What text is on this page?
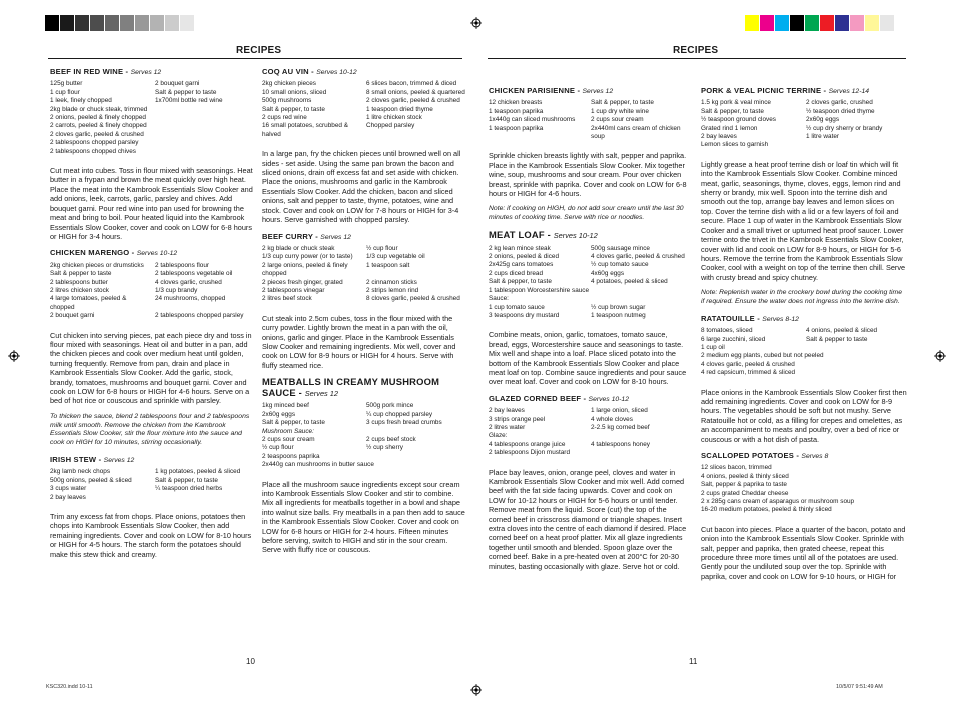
RECIPES	RECIPES
BEEF IN RED WINE - Serves 12
125g butter	2 bouquet garni
1 cup flour	Salt & pepper to taste
1 leek, finely chopped	1x700ml bottle red wine
2kg blade or chuck steak, trimmed
2 onions, peeled & finely chopped
2 carrots, peeled & finely chopped
2 cloves garlic, peeled & crushed
2 tablespoons chopped parsley
2 tablespoons chopped chives

Cut meat into cubes. Toss in flour mixed with seasonings. Heat butter in a frypan and brown the meat quickly over high heat. Place the meat into the Kambrook Essentials Slow Cooker and add onions, leek, carrots, garlic, parsley and chives. Add bouquet garni. Pour red wine into pan used for browning the meat and bring to boil. Pour heated liquid into the Kambrook Essentials Slow Cooker, cover and cook on LOW for 6-8 hours or HIGH for 3-4 hours.

CHICKEN MARENGO - Serves 10-12
2kg chicken pieces or drumsticks	2 tablespoons flour
Salt & pepper to taste	2 tablespoons vegetable oil
2 tablespoons butter	4 cloves garlic, crushed
2 litres chicken stock	1/3 cup brandy
4 large tomatoes, peeled & chopped
24 mushrooms, chopped
2 bouquet garni	2 tablespoons chopped parsley

Cut chicken into serving pieces, pat each piece dry and toss in flour mixed with seasonings. Heat oil and butter in a pan, add the chicken pieces and cook over medium heat until golden, turning frequently. Remove from pan, drain and place in Kambrook Essentials Slow Cooker. Add the garlic, stock, brandy, tomatoes, mushrooms and bouquet garni. Cover and cook on LOW for 6-8 hours or HIGH for 4-6 hours. Serve on a bed of hot rice or couscous and sprinkle with parsley.

To thicken the sauce, blend 2 tablespoons flour and 2 tablespoons milk until smooth. Remove the chicken from the Kambrook Essentials Slow Cooker, stir the flour mixture into the sauce and cook on HIGH for 10 minutes, stirring occasionally.

IRISH STEW - Serves 12
2kg lamb neck chops	1 kg potatoes, peeled & sliced
500g onions, peeled & sliced	Salt & pepper, to taste
3 cups water	¼ teaspoon dried herbs
2 bay leaves

Trim any excess fat from chops. Place onions, potatoes then chops into Kambrook Essentials Slow Cooker, then add remaining ingredients. Cover and cook on LOW for 8-10 hours or HIGH for 4-5 hours. The starch form the potatoes should make this stew thick and creamy.

COQ AU VIN - Serves 10-12
2kg chicken pieces	6 slices bacon, trimmed & diced
10 small onions, sliced	8 small onions, peeled & quartered
500g mushrooms	2 cloves garlic, peeled & crushed
Salt & pepper, to taste	1 teaspoon dried thyme
2 cups red wine	1 litre chicken stock
16 small potatoes, scrubbed & halved
Chopped parsley

In a large pan, fry the chicken pieces until browned well on all sides - set aside. Using the same pan brown the bacon and sliced onions, drain off excess fat and set aside with chicken. Place the onions, mushrooms and garlic in the Kambrook Essentials Slow Cooker. Add the chicken, bacon and sliced onions, salt and pepper to taste, thyme, potatoes, wine and stock. Cover and cook on LOW for 7-8 hours or HIGH for 3-4 hours. Serve garnished with chopped parsley.

BEEF CURRY - Serves 12
2 kg blade or chuck steak	½ cup flour
1/3 cup curry power (or to taste)	1/3 cup vegetable oil
2 large onions, peeled & finely chopped
1 teaspoon salt
2 pieces fresh ginger, grated	2 cinnamon sticks
2 tablespoons vinegar	2 strips lemon rind
2 litres beef stock	8 cloves garlic, peeled & crushed

Cut steak into 2.5cm cubes, toss in the flour mixed with the curry powder. Lightly brown the meat in a pan with the oil, onions, garlic and ginger. Place in the Kambrook Essentials Slow Cooker and remaining ingredients. Mix well, cover and cook on LOW for 8-9 hours or HIGH for 4 hours. Serve with fluffy steamed rice.

MEATBALLS IN CREAMY MUSHROOM SAUCE - Serves 12
1kg minced beef	500g pork mince
2x60g eggs	¼ cup chopped parsley
Salt & pepper, to taste	3 cups fresh bread crumbs
Mushroom Sauce:
2 cups sour cream	2 cups beef stock
½ cup flour	½ cup sherry
2 teaspoons paprika
2x440g can mushrooms in butter sauce

Place all the mushroom sauce ingredients except sour cream into Kambrook Essentials Slow Cooker and stir to combine. Mix all ingredients for meatballs together in a bowl and shape into walnut size balls. Fry meatballs in a pan then add to sauce in the Kambrook Essentials Slow Cooker. Cover and cook on LOW for 6-8 hours or HIGH for 2-4 hours. Fifteen minutes before serving, switch to HIGH and stir in the sour cream. Serve with fluffy rice or couscous.

CHICKEN PARISIENNE - Serves 12
12 chicken breasts	Salt & pepper, to taste
1 teaspoon paprika	1 cup dry white wine
1x440g can sliced mushrooms	2 cups sour cream
1 teaspoon paprika	2x440ml cans cream of chicken soup

Sprinkle chicken breasts lightly with salt, pepper and paprika. Place in the Kambrook Essentials Slow Cooker. Mix together wine, soup, mushrooms and sour cream. Pour over chicken breast, sprinkle with paprika. Cover and cook on LOW for 6-8 hours or HIGH for 4-6 hours.

Note: if cooking on HIGH, do not add sour cream until the last 30 minutes of cooking time. Serve with rice or noodles.

MEAT LOAF - Serves 10-12
2 kg lean mince steak	500g sausage mince
2 onions, peeled & diced	4 cloves garlic, peeled & crushed
2x425g cans tomatoes	½ cup tomato sauce
2 cups diced bread	4x60g eggs
Salt & pepper, to taste	4 potatoes, peeled & sliced
1 tablespoon Worcestershire sauce
Sauce:
1 cup tomato sauce	½ cup brown sugar
3 teaspoons dry mustard	1 teaspoon nutmeg

Combine meats, onion, garlic, tomatoes, tomato sauce, bread, eggs, Worcestershire sauce and seasonings to taste. Mix well and shape into a loaf. Place sliced potato into the bottom of the Kambrook Essentials Slow Cooker and place meat loaf on top. Combine sauce ingredients and pour sauce over meat loaf. Cover and cook on LOW for 8-10 hours.

GLAZED CORNED BEEF - Serves 10-12
2 bay leaves	1 large onion, sliced
3 strips orange peel	4 whole cloves
2 litres water	2-2.5 kg corned beef
Glaze:
4 tablespoons orange juice	4 tablespoons honey
2 tablespoons Dijon mustard

Place bay leaves, onion, orange peel, cloves and water in Kambrook Essentials Slow Cooker and mix well. Add corned beef with the fat side facing upwards. Cover and cook on LOW for 10-12 hours or HIGH for 5-6 hours or until tender. Remove meat from the liquid. Score (cut) the top of the corned beef in crisscross diamond or triangle shapes. Insert extra cloves into the centre of each diamond if desired. Place corned beef on a heat proof platter. Mix all glaze ingredients together until smooth and blended. Spoon glaze over the corned beef. Bake in a pre-heated oven at 200°C for 20-30 minutes, basting occasionally with glaze. Serve hot or cold.

PORK & VEAL PICNIC TERRINE - Serves 12-14
1.5 kg pork & veal mince	2 cloves garlic, crushed
Salt & pepper, to taste	½ teaspoon dried thyme
½ teaspoon ground cloves	2x60g eggs
Grated rind 1 lemon	½ cup dry sherry or brandy
2 bay leaves	1 litre water
Lemon slices to garnish

Lightly grease a heat proof terrine dish or loaf tin which will fit into the Kambrook Essentials Slow Cooker. Combine minced meat, garlic, seasonings, thyme, cloves, eggs, lemon rind and sherry or brandy, mix well. Spoon into the terrine dish and smooth out the top, arrange bay leaves and lemon slices on top. Cover the terrine dish with a lid or a few layers of foil and secure. Place 1 cup of water in the Kambrook Essentials Slow Cooker and a small trivet or upturned heat proof saucer. Lower terrine onto the trivet in the Kambrook Essentials Slow Cooker, cover with lid and cook on LOW for 8-9 hours, or HIGH for 5-6 hours. Remove the terrine from the Kambrook Essentials Slow Cooker, cool with a weight on top of the terrine then chill. Serve with crusty bread and spicy chutney.

Note: Replenish water in the crockery bowl during the cooking time if required. Ensure the water does not ingress into the terrine dish.

RATATOUILLE - Serves 8-12
8 tomatoes, sliced	4 onions, peeled & sliced
6 large zucchini, sliced	Salt & pepper to taste
1 cup oil
2 medium egg plants, cubed but not peeled
4 cloves garlic, peeled & crushed
4 red capsicum, trimmed & sliced

Place onions in the Kambrook Essentials Slow Cooker first then add remaining ingredients. Cover and cook on LOW for 8-9 hours. The vegetables should be soft but not mushy. Serve Ratatouille hot or cold, as a filling for crepes and omelettes, as an accompaniment to meats and poultry, over a bed of rice or couscous or with a hot dish of pasta.

SCALLOPED POTATOES - Serves 8
12 slices bacon, trimmed
4 onions, peeled & thinly sliced
Salt, pepper & paprika to taste
2 cups grated Cheddar cheese
2 x 285g cans cream of asparagus or mushroom soup
16-20 medium potatoes, peeled & thinly sliced

Cut bacon into pieces. Place a quarter of the bacon, potato and onion into the Kambrook Essentials Slow Cooker. Sprinkle with salt, pepper and paprika, then grated cheese, repeat this procedure three more times until all of the potatoes are used. Gently pour the undiluted soup over the top. Sprinkle with paprika, cover and cook on LOW for 9-10 hours, or HIGH for

10	11
KSC320.indd 10-11	10/5/07 9:51:49 AM
